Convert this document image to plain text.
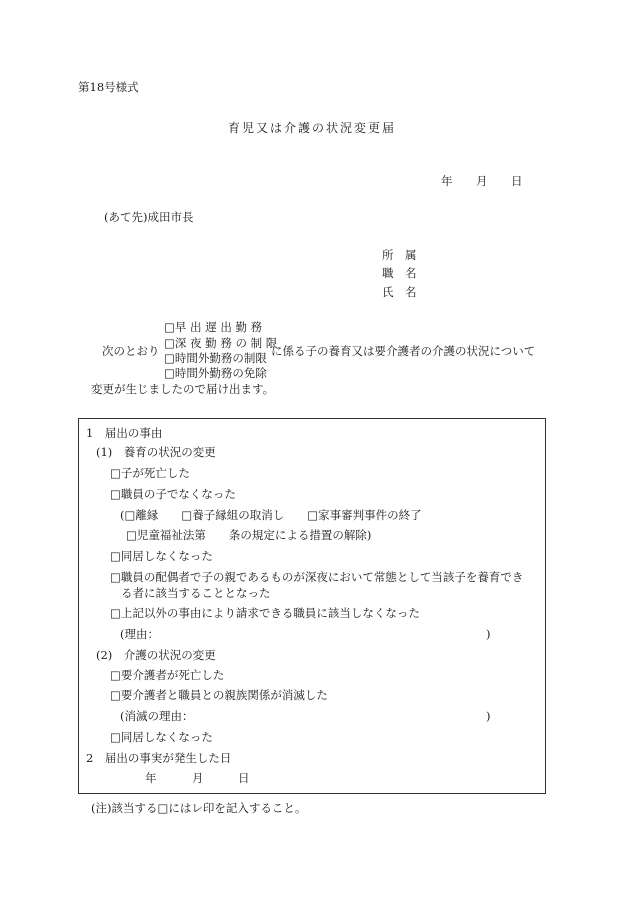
第18号様式
育児又は介護の状況変更届
年 月 日
(あて先)成田市長
所　属
職　名
氏　名
次のとおり
□早 出 遅 出 勤 務
□深 夜 勤 務 の 制 限
□時間外勤務の制限
□時間外勤務の免除
に係る子の養育又は要介護者の介護の状況について
変更が生じましたので届け出ます。
1　届出の事由
(1)　養育の状況の変更
□子が死亡した
□職員の子でなくなった
(□離縁　　□養子縁組の取消し　　□家事審判事件の終了
□児童福祉法第　　条の規定による措置の解除)
□同居しなくなった
□職員の配偶者で子の親であるものが深夜において常態として当該子を養育でき
る者に該当することとなった
□上記以外の事由により請求できる職員に該当しなくなった
(理由：	)
(2)　介護の状況の変更
□要介護者が死亡した
□要介護者と職員との親族関係が消滅した
(消滅の理由：	)
□同居しなくなった
2　届出の事実が発生した日
年	月	日
(注)該当する□にはレ印を記入すること。
